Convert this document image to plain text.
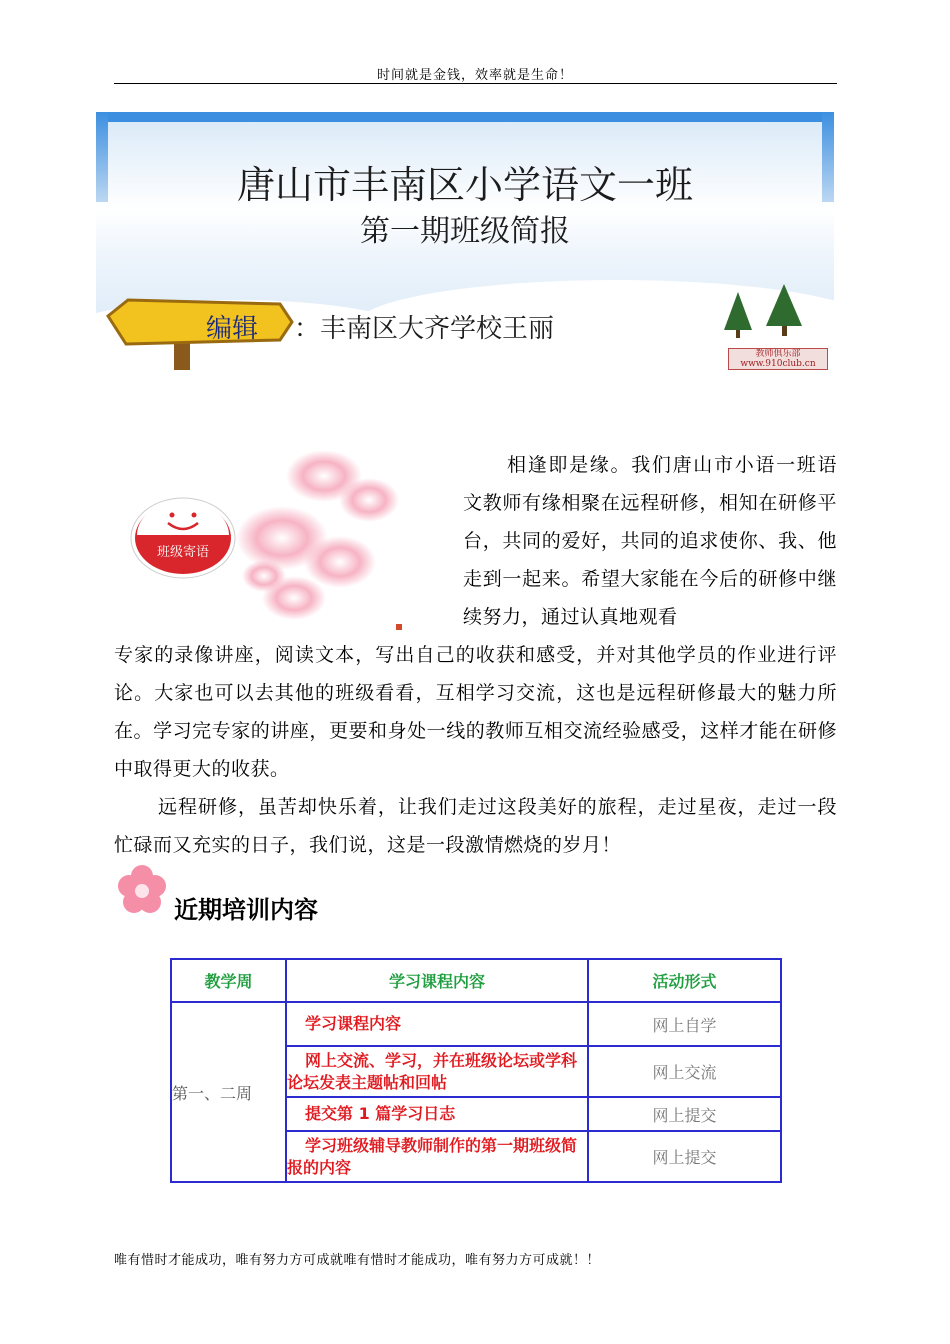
时间就是金钱，效率就是生命！
唐山市丰南区小学语文一班
第一期班级简报
编辑 ：丰南区大齐学校王丽
教师俱乐部 www.910club.cn
班级寄语
相逢即是缘。我们唐山市小语一班语文教师有缘相聚在远程研修，相知在研修平台，共同的爱好，共同的追求使你、我、他走到一起来。希望大家能在今后的研修中继续努力，通过认真地观看
专家的录像讲座，阅读文本，写出自己的收获和感受，并对其他学员的作业进行评论。大家也可以去其他的班级看看，互相学习交流，这也是远程研修最大的魅力所在。学习完专家的讲座，更要和身处一线的教师互相交流经验感受，这样才能在研修中取得更大的收获。
远程研修，虽苦却快乐着，让我们走过这段美好的旅程，走过星夜，走过一段忙碌而又充实的日子，我们说，这是一段激情燃烧的岁月！
近期培训内容
教学周	学习课程内容	活动形式
第一、二周	学习课程内容	网上自学
	网上交流、学习，并在班级论坛或学科论坛发表主题帖和回帖	网上交流
	提交第 1 篇学习日志	网上提交
	学习班级辅导教师制作的第一期班级简报的内容	网上提交
唯有惜时才能成功，唯有努力方可成就唯有惜时才能成功，唯有努力方可成就！！
